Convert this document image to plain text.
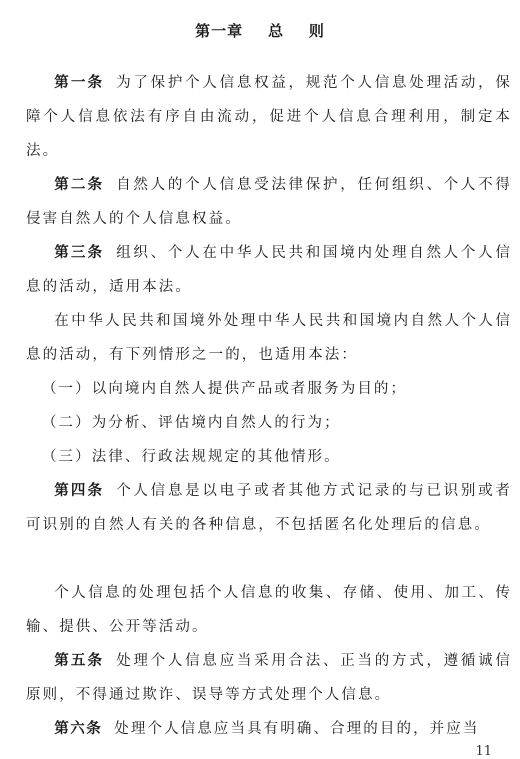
第一章    总    则

第一条 为了保护个人信息权益，规范个人信息处理活动，保障个人信息依法有序自由流动，促进个人信息合理利用，制定本法。

第二条 自然人的个人信息受法律保护，任何组织、个人不得侵害自然人的个人信息权益。

第三条 组织、个人在中华人民共和国境内处理自然人个人信息的活动，适用本法。

在中华人民共和国境外处理中华人民共和国境内自然人个人信息的活动，有下列情形之一的，也适用本法：

（一）以向境内自然人提供产品或者服务为目的；

（二）为分析、评估境内自然人的行为；

（三）法律、行政法规规定的其他情形。

第四条 个人信息是以电子或者其他方式记录的与已识别或者可识别的自然人有关的各种信息，不包括匿名化处理后的信息。

个人信息的处理包括个人信息的收集、存储、使用、加工、传输、提供、公开等活动。

第五条 处理个人信息应当采用合法、正当的方式，遵循诚信原则，不得通过欺诈、误导等方式处理个人信息。

第六条 处理个人信息应当具有明确、合理的目的，并应当

11
